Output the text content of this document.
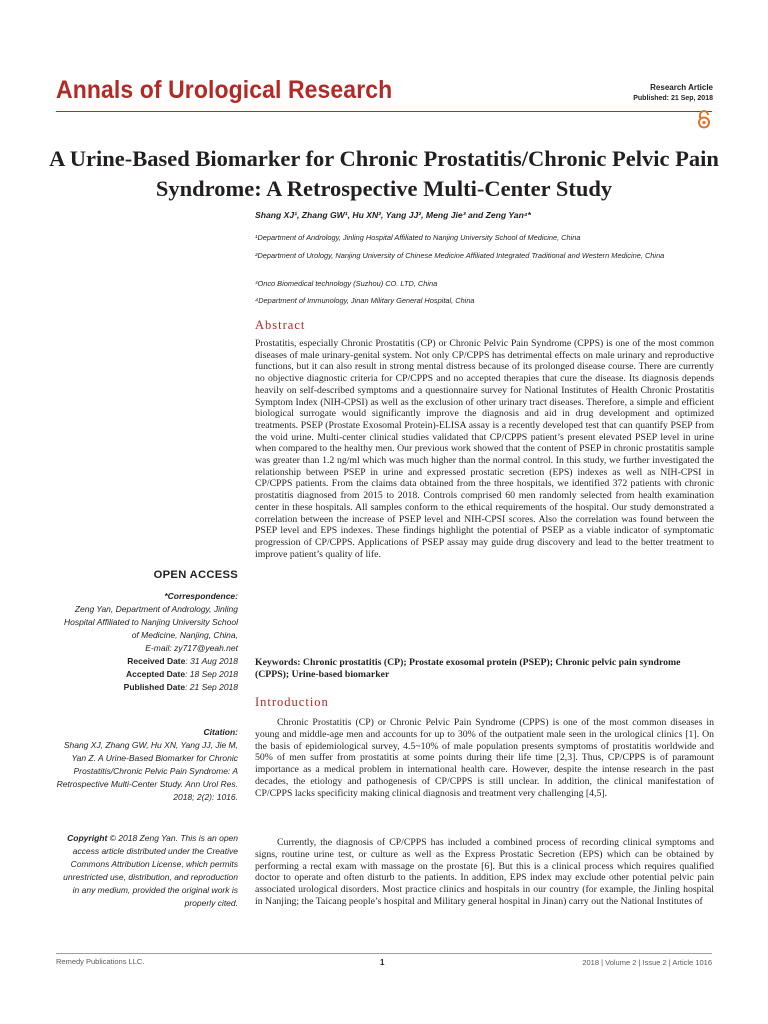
Annals of Urological Research	Research Article
Published: 21 Sep, 2018
A Urine-Based Biomarker for Chronic Prostatitis/Chronic Pelvic Pain Syndrome: A Retrospective Multi-Center Study
Shang XJ¹, Zhang GW¹, Hu XN², Yang JJ², Meng Jie³ and Zeng Yan⁴*
¹Department of Andrology, Jinling Hospital Affiliated to Nanjing University School of Medicine, China
²Department of Urology, Nanjing University of Chinese Medicine Affiliated Integrated Traditional and Western Medicine, China
³Onco Biomedical technology (Suzhou) CO. LTD, China
⁴Department of Immunology, Jinan Military General Hospital, China
Abstract
Prostatitis, especially Chronic Prostatitis (CP) or Chronic Pelvic Pain Syndrome (CPPS) is one of the most common diseases of male urinary-genital system. Not only CP/CPPS has detrimental effects on male urinary and reproductive functions, but it can also result in strong mental distress because of its prolonged disease course. There are currently no objective diagnostic criteria for CP/CPPS and no accepted therapies that cure the disease. Its diagnosis depends heavily on self-described symptoms and a questionnaire survey for National Institutes of Health Chronic Prostatitis Symptom Index (NIH-CPSI) as well as the exclusion of other urinary tract diseases. Therefore, a simple and efficient biological surrogate would significantly improve the diagnosis and aid in drug development and optimized treatments. PSEP (Prostate Exosomal Protein)-ELISA assay is a recently developed test that can quantify PSEP from the void urine. Multi-center clinical studies validated that CP/CPPS patient’s present elevated PSEP level in urine when compared to the healthy men. Our previous work showed that the content of PSEP in chronic prostatitis sample was greater than 1.2 ng/ml which was much higher than the normal control. In this study, we further investigated the relationship between PSEP in urine and expressed prostatic secretion (EPS) indexes as well as NIH-CPSI in CP/CPPS patients. From the claims data obtained from the three hospitals, we identified 372 patients with chronic prostatitis diagnosed from 2015 to 2018. Controls comprised 60 men randomly selected from health examination center in these hospitals. All samples conform to the ethical requirements of the hospital. Our study demonstrated a correlation between the increase of PSEP level and NIH-CPSI scores. Also the correlation was found between the PSEP level and EPS indexes. These findings highlight the potential of PSEP as a viable indicator of symptomatic progression of CP/CPPS. Applications of PSEP assay may guide drug discovery and lead to the better treatment to improve patient’s quality of life.
Keywords: Chronic prostatitis (CP); Prostate exosomal protein (PSEP); Chronic pelvic pain syndrome (CPPS); Urine-based biomarker
Introduction
Chronic Prostatitis (CP) or Chronic Pelvic Pain Syndrome (CPPS) is one of the most common diseases in young and middle-age men and accounts for up to 30% of the outpatient male seen in the urological clinics [1]. On the basis of epidemiological survey, 4.5~10% of male population presents symptoms of prostatitis worldwide and 50% of men suffer from prostatitis at some points during their life time [2,3]. Thus, CP/CPPS is of paramount importance as a medical problem in international health care. However, despite the intense research in the past decades, the etiology and pathogenesis of CP/CPPS is still unclear. In addition, the clinical manifestation of CP/CPPS lacks specificity making clinical diagnosis and treatment very challenging [4,5].
Currently, the diagnosis of CP/CPPS has included a combined process of recording clinical symptoms and signs, routine urine test, or culture as well as the Express Prostatic Secretion (EPS) which can be obtained by performing a rectal exam with massage on the prostate [6]. But this is a clinical process which requires qualified doctor to operate and often disturb to the patients. In addition, EPS index may exclude other potential pelvic pain associated urological disorders. Most practice clinics and hospitals in our country (for example, the Jinling hospital in Nanjing; the Taicang people’s hospital and Military general hospital in Jinan) carry out the National Institutes of
OPEN ACCESS
*Correspondence:
Zeng Yan, Department of Andrology, Jinling Hospital Affiliated to Nanjing University School of Medicine, Nanjing, China,
E-mail: zy717@yeah.net
Received Date: 31 Aug 2018
Accepted Date: 18 Sep 2018
Published Date: 21 Sep 2018
Citation:
Shang XJ, Zhang GW, Hu XN, Yang JJ, Jie M, Yan Z. A Urine-Based Biomarker for Chronic Prostatitis/Chronic Pelvic Pain Syndrome: A Retrospective Multi-Center Study. Ann Urol Res. 2018; 2(2): 1016.
Copyright © 2018 Zeng Yan. This is an open access article distributed under the Creative Commons Attribution License, which permits unrestricted use, distribution, and reproduction in any medium, provided the original work is properly cited.
Remedy Publications LLC.	1	2018 | Volume 2 | Issue 2 | Article 1016
